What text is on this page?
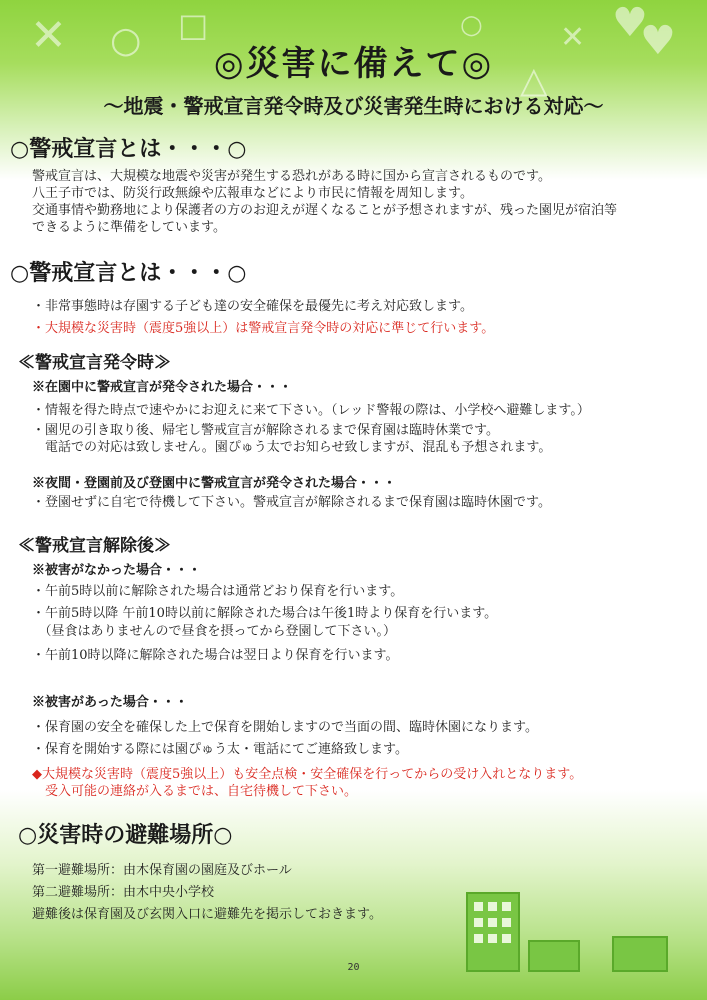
✕ ○ □	♥
♥
△
○	✕
◎災害に備えて◎

～地震・警戒宣言発令時及び災害発生時における対応～

○警戒宣言とは・・・○

警戒宣言は、大規模な地震や災害が発生する恐れがある時に国から宣言されるものです。

八王子市では、防災行政無線や広報車などにより市民に情報を周知します。

交通事情や勤務地により保護者の方のお迎えが遅くなることが予想されますが、残った園児が宿泊等

できるように準備をしています。

○警戒宣言とは・・・○

・非常事態時は存園する子ども達の安全確保を最優先に考え対応致します。

・大規模な災害時（震度5強以上）は警戒宣言発令時の対応に準じて行います。

≪警戒宣言発令時≫

※在園中に警戒宣言が発令された場合・・・

・情報を得た時点で速やかにお迎えに来て下さい。（レッド警報の際は、小学校へ避難します。）

・園児の引き取り後、帰宅し警戒宣言が解除されるまで保育園は臨時休業です。

　電話での対応は致しません。園ぴゅう太でお知らせ致しますが、混乱も予想されます。

※夜間・登園前及び登園中に警戒宣言が発令された場合・・・

・登園せずに自宅で待機して下さい。警戒宣言が解除されるまで保育園は臨時休園です。

≪警戒宣言解除後≫

※被害がなかった場合・・・

・午前5時以前に解除された場合は通常どおり保育を行います。

・午前5時以降 午前10時以前に解除された場合は午後1時より保育を行います。

　（昼食はありませんので昼食を摂ってから登園して下さい。）

・午前10時以降に解除された場合は翌日より保育を行います。

※被害があった場合・・・

・保育園の安全を確保した上で保育を開始しますので当面の間、臨時休園になります。

・保育を開始する際には園ぴゅう太・電話にてご連絡致します。

◆大規模な災害時（震度5強以上）も安全点検・安全確保を行ってからの受け入れとなります。

　受入可能の連絡が入るまでは、自宅待機して下さい。

○災害時の避難場所○

第一避難場所：由木保育園の園庭及びホール

第二避難場所：由木中央小学校

避難後は保育園及び玄関入口に避難先を掲示しておきます。

20
